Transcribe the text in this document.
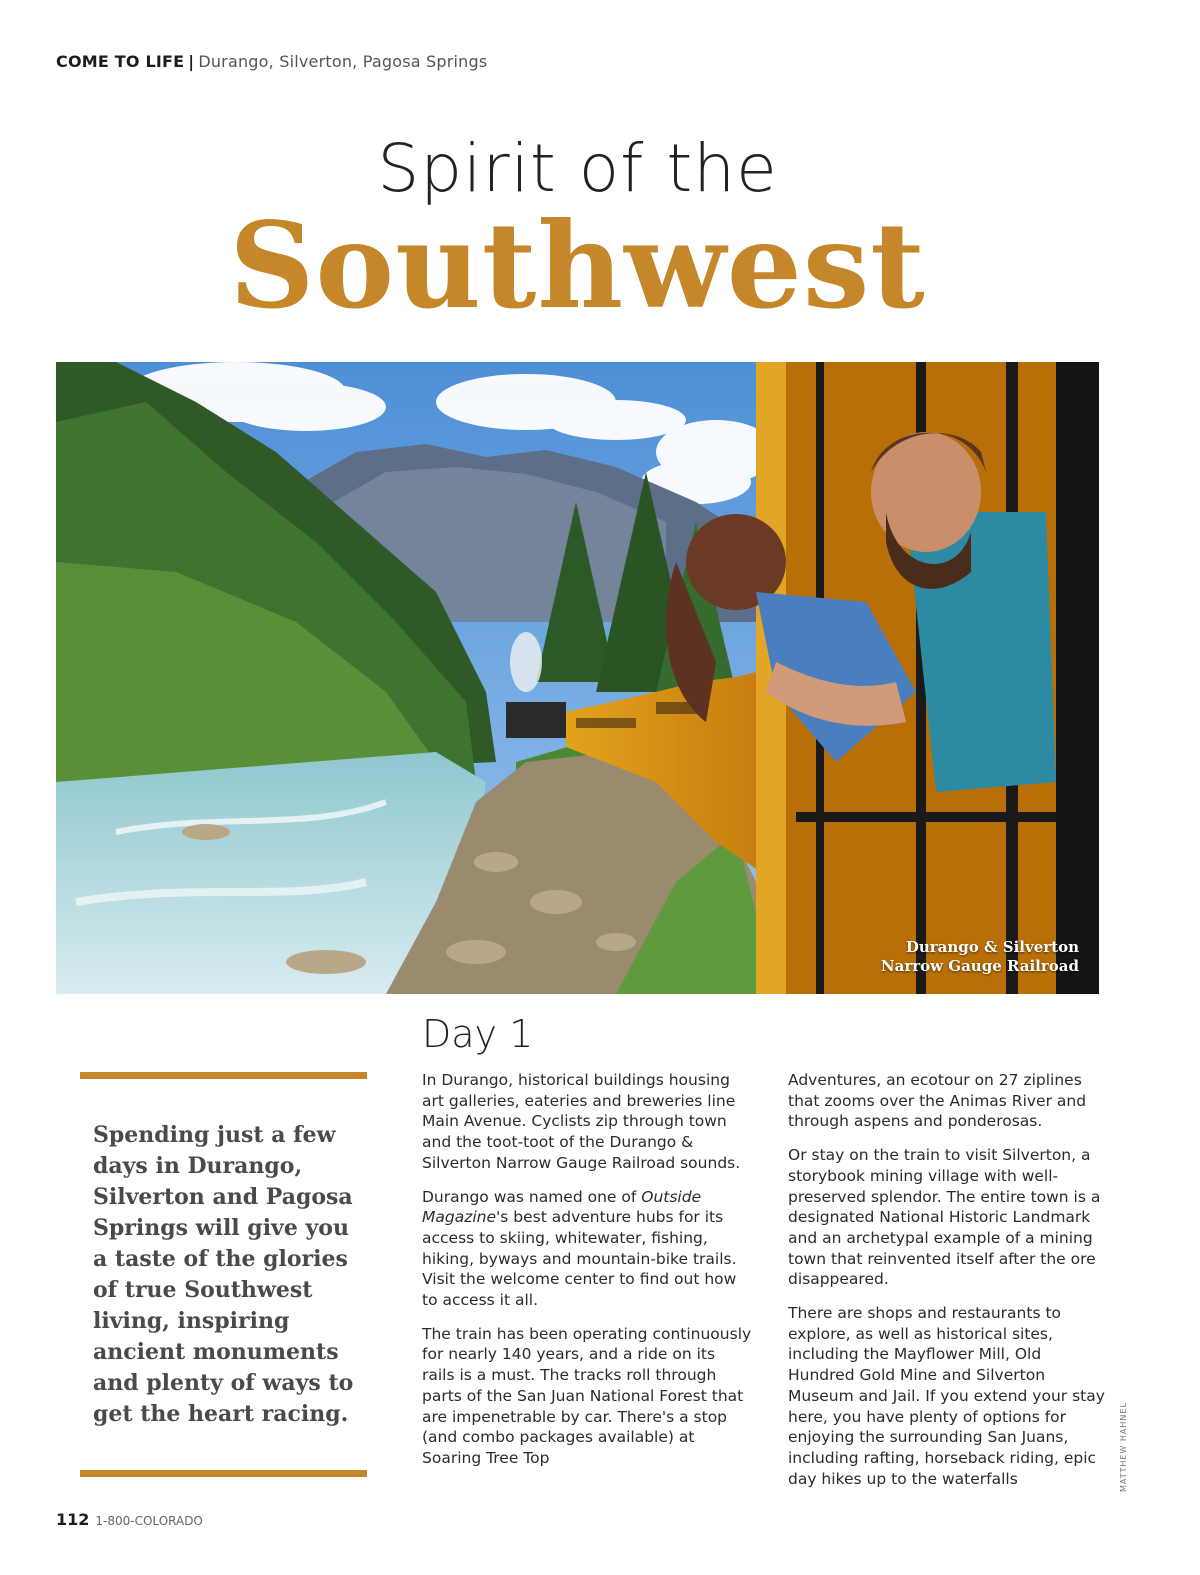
COME TO LIFE | Durango, Silverton, Pagosa Springs
Spirit of the
Southwest
Durango & Silverton
Narrow Gauge Railroad
Spending just a few days in Durango, Silverton and Pagosa Springs will give you a taste of the glories of true Southwest living, inspiring ancient monuments and plenty of ways to get the heart racing.
Day 1

In Durango, historical buildings housing art galleries, eateries and breweries line Main Avenue. Cyclists zip through town and the toot-toot of the Durango & Silverton Narrow Gauge Railroad sounds.

Durango was named one of Outside Magazine's best adventure hubs for its access to skiing, whitewater, fishing, hiking, byways and mountain-bike trails. Visit the welcome center to find out how to access it all.

The train has been operating continuously for nearly 140 years, and a ride on its rails is a must. The tracks roll through parts of the San Juan National Forest that are impenetrable by car. There's a stop (and combo packages available) at Soaring Tree Top

Adventures, an ecotour on 27 ziplines that zooms over the Animas River and through aspens and ponderosas.

Or stay on the train to visit Silverton, a storybook mining village with well-preserved splendor. The entire town is a designated National Historic Landmark and an archetypal example of a mining town that reinvented itself after the ore disappeared.

There are shops and restaurants to explore, as well as historical sites, including the Mayflower Mill, Old Hundred Gold Mine and Silverton Museum and Jail. If you extend your stay here, you have plenty of options for enjoying the surrounding San Juans, including rafting, horseback riding, epic day hikes up to the waterfalls	MATTHEW HAHNEL
112 1-800-COLORADO
